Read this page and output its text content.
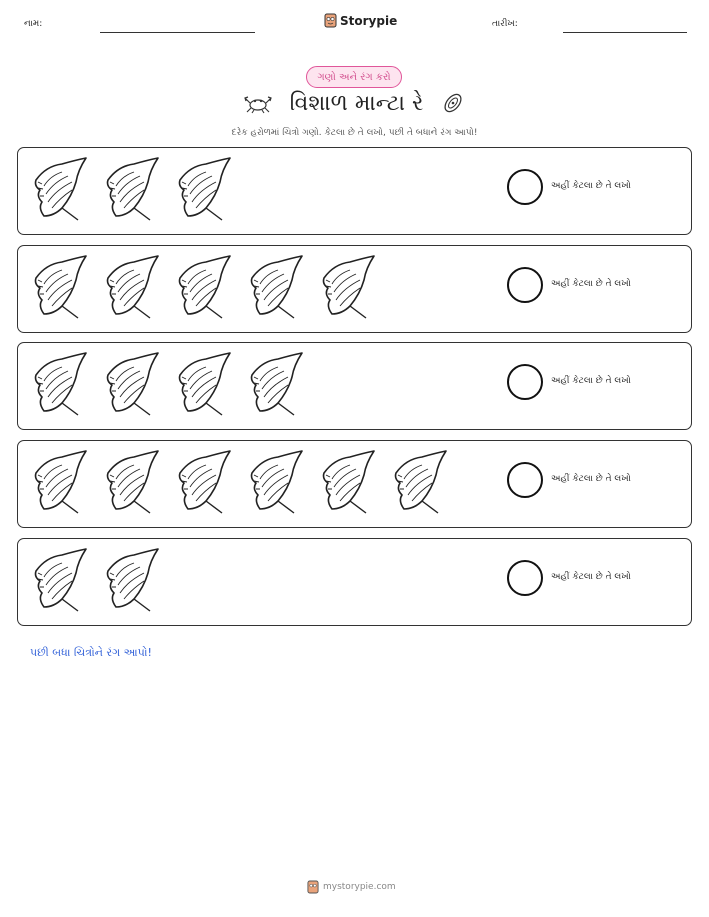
નામ:	Storypie	તારીખ:
ગણો અને રંગ કરો
વિશાળ માન્ટા રે
દરેક હરોળમાં ચિત્રો ગણો. કેટલા છે તે લખો, પછી તે બધાને રંગ આપો!
અહીં કેટલા છે તે લખો
અહીં કેટલા છે તે લખો
અહીં કેટલા છે તે લખો
અહીં કેટલા છે તે લખો
અહીં કેટલા છે તે લખો
પછી બધા ચિત્રોને રંગ આપો!
mystorypie.com
